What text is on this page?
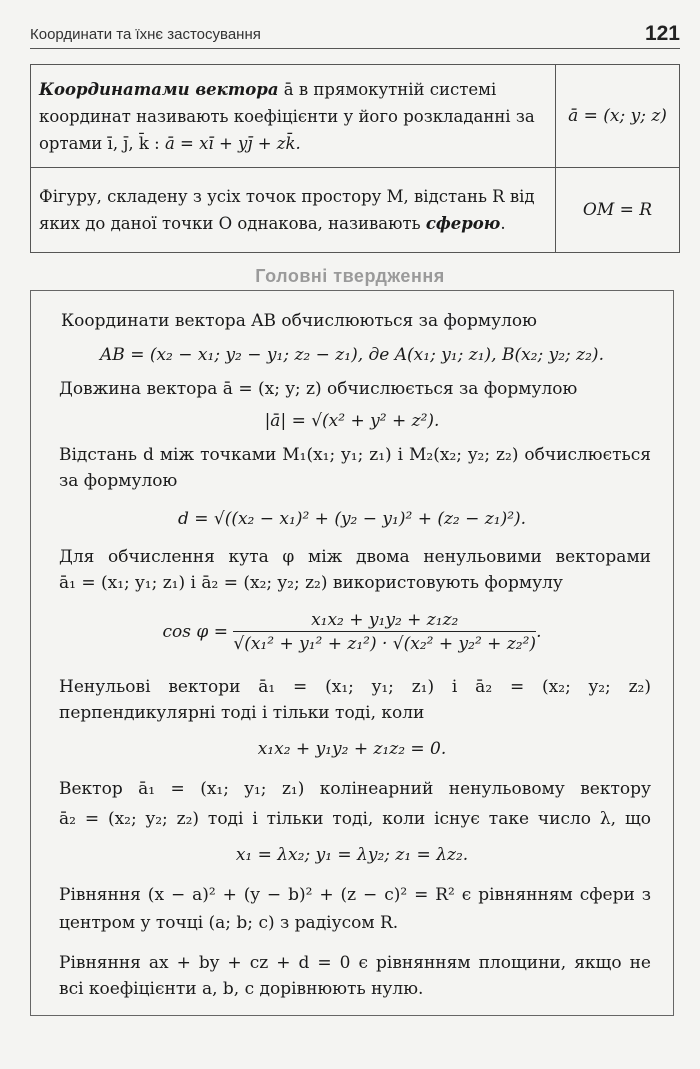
Координати та їхнє застосування	121
Координатами вектора ā в прямокутній системі координат називають коефіцієнти у його розкладанні за ортами ī, j̄, k̄ : ā = xī + yj̄ + zk̄.	ā = (x; y; z)
Фігуру, складену з усіх точок простору M, відстань R від яких до даної точки O однакова, називають сферою.	OM = R
Головні твердження
Координати вектора AB обчислюються за формулою
AB = (x₂ − x₁; y₂ − y₁; z₂ − z₁), де A(x₁; y₁; z₁), B(x₂; y₂; z₂).
Довжина вектора ā = (x; y; z) обчислюється за формулою
|ā| = √(x² + y² + z²).
Відстань d між точками M₁(x₁; y₁; z₁) і M₂(x₂; y₂; z₂) обчислюється
за формулою
d = √((x₂ − x₁)² + (y₂ − y₁)² + (z₂ − z₁)²).
Для обчислення кута φ між двома ненульовими векторами
ā₁ = (x₁; y₁; z₁) і ā₂ = (x₂; y₂; z₂) використовують формулу
$\cos \varphi = \frac{\text{x₁x₂ + y₁y₂ + z₁z₂}}{\text{√(x₁² + y₁² + z₁²) · √(x₂² + y₂² + z₂²)}}$ .
Ненульові вектори ā₁ = (x₁; y₁; z₁) і ā₂ = (x₂; y₂; z₂)
перпендикулярні тоді і тільки тоді, коли
x₁x₂ + y₁y₂ + z₁z₂ = 0.
Вектор ā₁ = (x₁; y₁; z₁) колінеарний ненульовому вектору
ā₂ = (x₂; y₂; z₂) тоді і тільки тоді, коли існує таке число λ, що
x₁ = λx₂; y₁ = λy₂; z₁ = λz₂.
Рівняння (x − a)² + (y − b)² + (z − c)² = R² є рівнянням сфери з
центром у точці (a; b; c) з радіусом R.
Рівняння ax + by + cz + d = 0 є рівнянням площини, якщо не
всі коефіцієнти a, b, c дорівнюють нулю.
